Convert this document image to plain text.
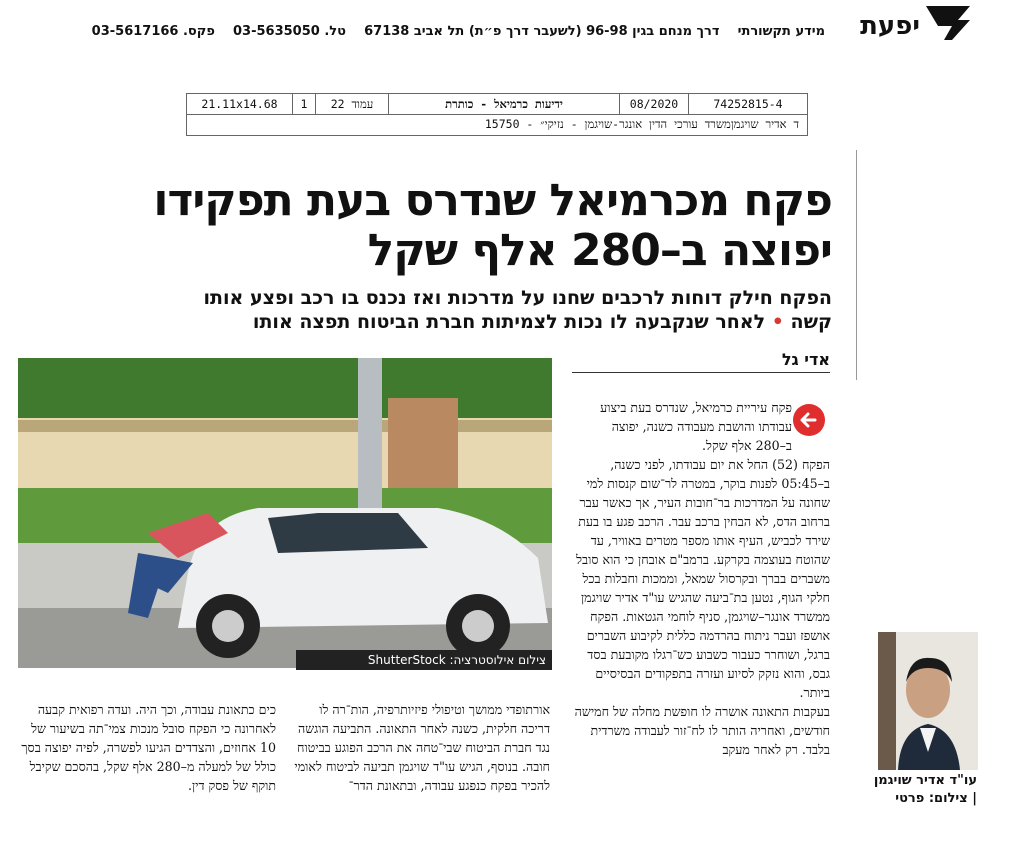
יפעת
מידע תקשורתי    דרך מנחם בגין 96-98 (לשעבר דרך פ״ת) תל אביב 67138    טל. 03-5635050    פקס. 03-5617166
21.11x14.68	1	עמוד 22	ידיעות כרמיאל - כותרת	08/2020	74252815-4
ד אדיר שויגמןמשרד עורכי הדין אונגר-שויגמן - נזיקי״ - 15750
פקח מכרמיאל שנדרס בעת תפקידו יפוצה ב–280 אלף שקל
הפקח חילק דוחות לרכבים שחנו על מדרכות ואז נכנס בו רכב ופצע אותו קשה • לאחר שנקבעה לו נכות לצמיתות חברת הביטוח תפצה אותו
אדי גל
צילום אילוסטרציה: ShutterStock

פקח עיריית כרמיאל, שנדרס בעת ביצוע עבודתו והושבת מעבודה כשנה, יפוצה ב–280 אלף שקל.

הפקח (52) החל את יום עבודתו, לפני כשנה, ב–05:45 לפנות בוקר, במטרה לר־שום קנסות למי שחונה על המדרכות בר־חובות העיר, אך כאשר עבר ברחוב הדס, לא הבחין ברכב עבר. הרכב פגע בו בעת שירד לכביש, העיף אותו מספר מטרים באוויר, עד שהוטח בעוצמה בקרקע. ברמב"ם אובחן כי הוא סובל משברים בברך ובקרסול שמאל, וממכות וחבלות בכל חלקי הגוף, נטען בת־ביעה שהגיש עו"ד אדיר שויגמן ממשרד אונגר–שויגמן, סניף לוחמי הגטאות. הפקח אושפז ועבר ניתוח בהרדמה כללית לקיבוע השברים ברגל, ושוחרר כעבור כשבוע כש־רגלו מקובעת בסד גבס, והוא נזקק לסיוע ועזרה בתפקודים הבסיסיים ביותר.

בעקבות התאונה אושרה לו חופשת מחלה של חמישה חודשים, ואחריה הותר לו לח־זור לעבודה משרדית בלבד. רק לאחר מעקב

אורתופדי ממושך וטיפולי פיזיותרפיה, הות־רה לו דריכה חלקית, כשנה לאחר התאונה. התביעה הוגשה נגד חברת הביטוח שבי־טחה את הרכב הפוגע בביטוח חובה. בנוסף, הגיש עו"ד שויגמן תביעה לביטוח לאומי להכיר בפקח כנפגע עבודה, ובתאונת הדר־

כים כתאונת עבודה, וכך היה. ועדה רפואית קבעה לאחרונה כי הפקח סובל מנכות צמי־תה בשיעור של 10 אחוזים, והצדדים הגיעו לפשרה, לפיה יפוצה בסך כולל של למעלה מ–280 אלף שקל, בהסכם שקיבל תוקף של פסק דין.	עו"ד אדיר שויגמן
| צילום: פרטי
